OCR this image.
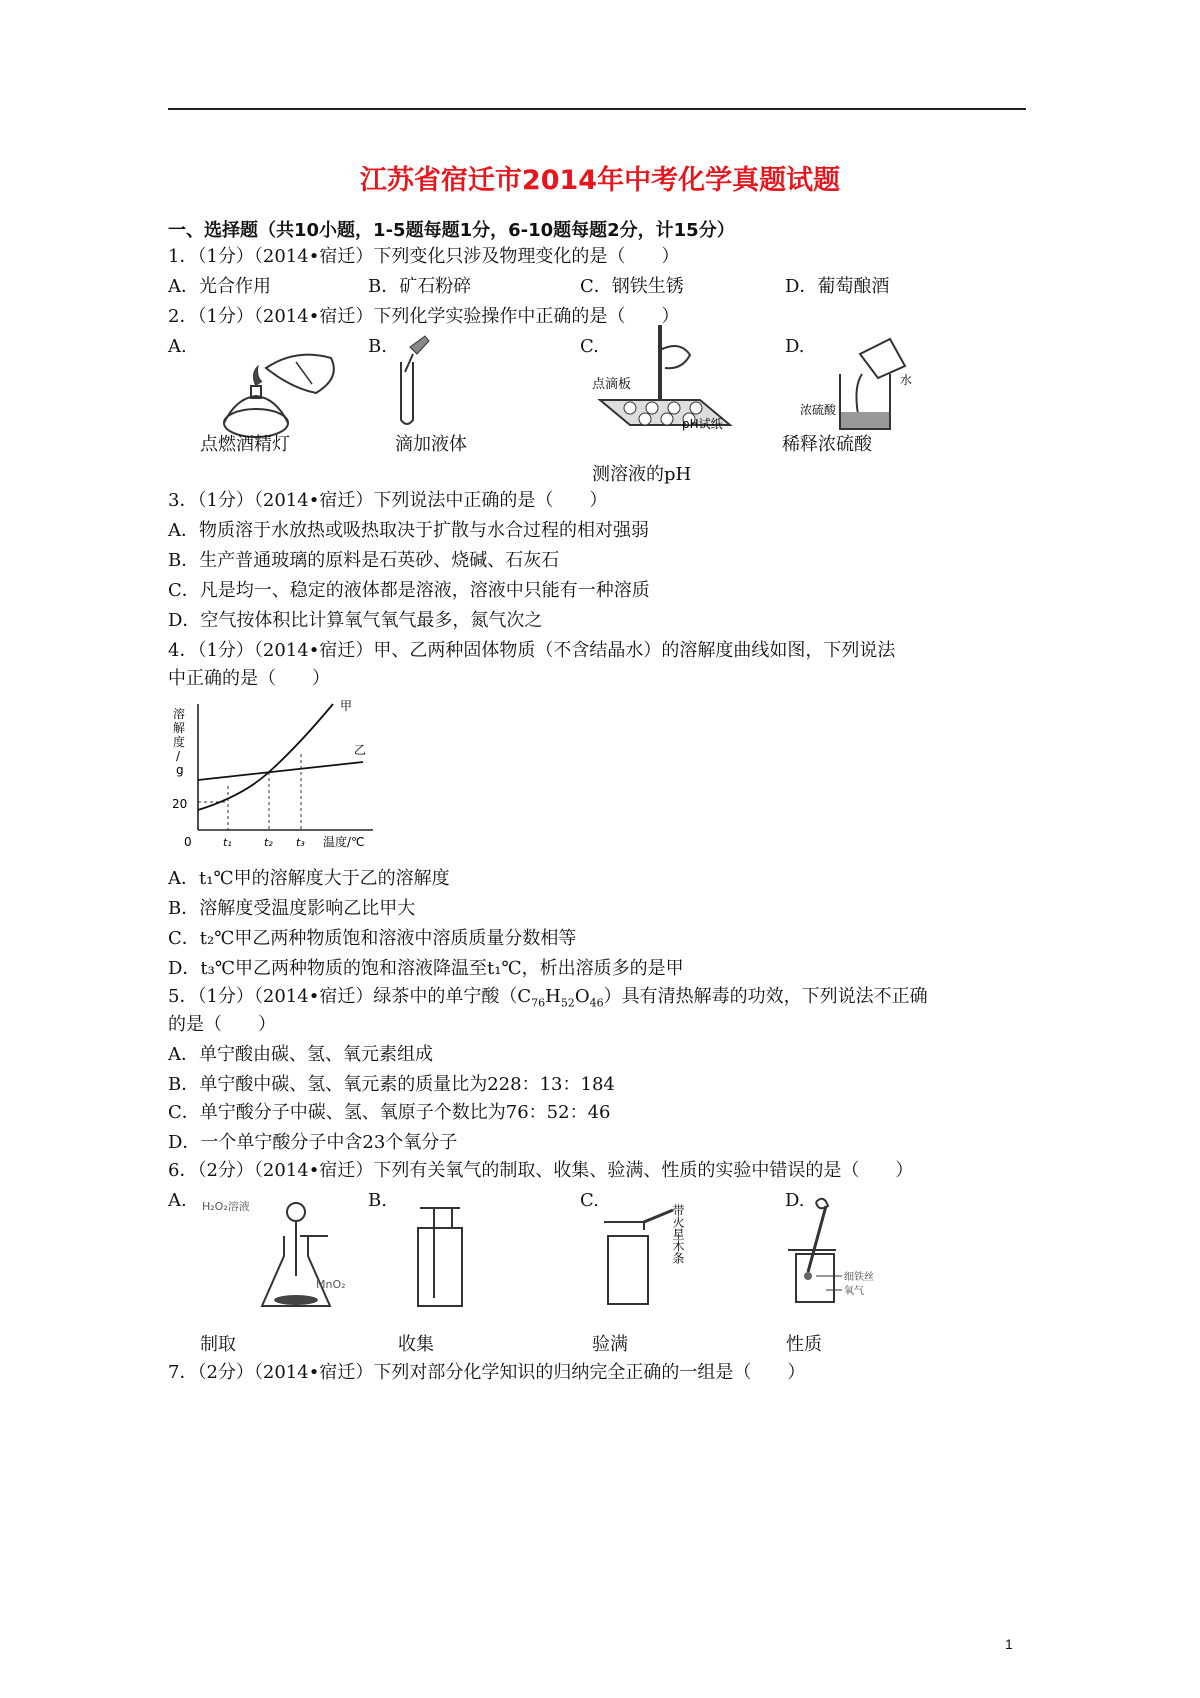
江苏省宿迁市2014年中考化学真题试题
一、选择题（共10小题，1-5题每题1分，6-10题每题2分，计15分）
1．（1分）（2014•宿迁）下列变化只涉及物理变化的是（　　）
A．光合作用	B．矿石粉碎	C．钢铁生锈	D．葡萄酿酒
2．（1分）（2014•宿迁）下列化学实验操作中正确的是（　　）
A.	B.	C.	D.
点燃酒精灯	滴加液体
点滴板
pH试纸
测溶液的pH
水
浓硫酸
稀释浓硫酸
3．（1分）（2014•宿迁）下列说法中正确的是（　　）
A．物质溶于水放热或吸热取决于扩散与水合过程的相对强弱
B．生产普通玻璃的原料是石英砂、烧碱、石灰石
C．凡是均一、稳定的液体都是溶液，溶液中只能有一种溶质
D．空气按体积比计算氧气氧气最多，氮气次之
4．（1分）（2014•宿迁）甲、乙两种固体物质（不含结晶水）的溶解度曲线如图，下列说法
中正确的是（　　）
溶
解
度
/
g
20
0	t₁	t₂ t₃ 温度/℃
甲
乙
A．t₁℃甲的溶解度大于乙的溶解度
B．溶解度受温度影响乙比甲大
C．t₂℃甲乙两种物质饱和溶液中溶质质量分数相等
D．t₃℃甲乙两种物质的饱和溶液降温至t₁℃，析出溶质多的是甲
5．（1分）（2014•宿迁）绿茶中的单宁酸$(C_{76}H_{52}O_{46})$具有清热解毒的功效，下列说法不正确
的是（　　）
A．单宁酸由碳、氢、氧元素组成
B．单宁酸中碳、氢、氧元素的质量比为228：13：184
C．单宁酸分子中碳、氢、氧原子个数比为76：52：46
D．一个单宁酸分子中含23个氧分子
6．（2分）（2014•宿迁）下列有关氧气的制取、收集、验满、性质的实验中错误的是（　　）
A.	B.	C.	D.
H₂O₂溶液
MnO₂
制取	收集
带火星木条
验满
细铁丝
氧气
性质
7．（2分）（2014•宿迁）下列对部分化学知识的归纳完全正确的一组是（　　）
1
